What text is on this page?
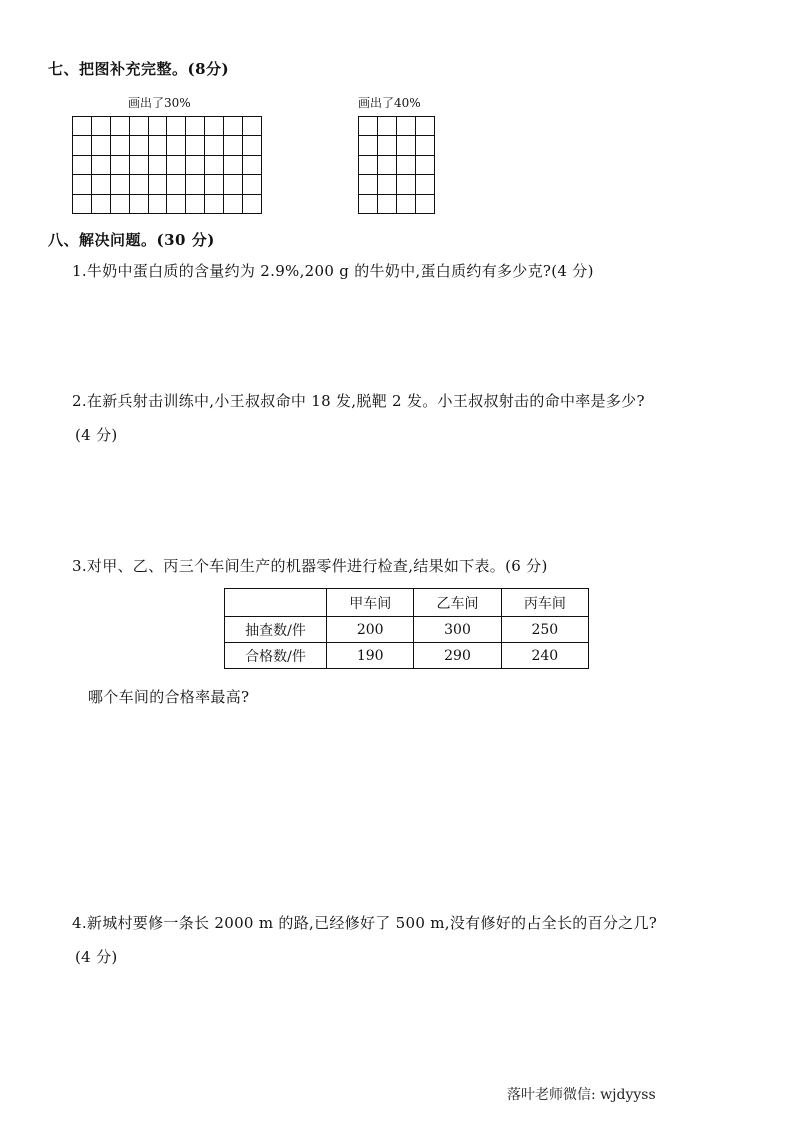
七、把图补充完整。(8分)
画出了30%

										画出了40%

八、解决问题。(30 分)
1.牛奶中蛋白质的含量约为 2.9%,200 g 的牛奶中,蛋白质约有多少克?(4 分)
2.在新兵射击训练中,小王叔叔命中 18 发,脱靶 2 发。小王叔叔射击的命中率是多少?
(4 分)
3.对甲、乙、丙三个车间生产的机器零件进行检查,结果如下表。(6 分)
	甲车间	乙车间	丙车间
抽查数/件	200	300	250
合格数/件	190	290	240
哪个车间的合格率最高?
4.新城村要修一条长 2000 m 的路,已经修好了 500 m,没有修好的占全长的百分之几?
(4 分)
落叶老师微信: wjdyyss
